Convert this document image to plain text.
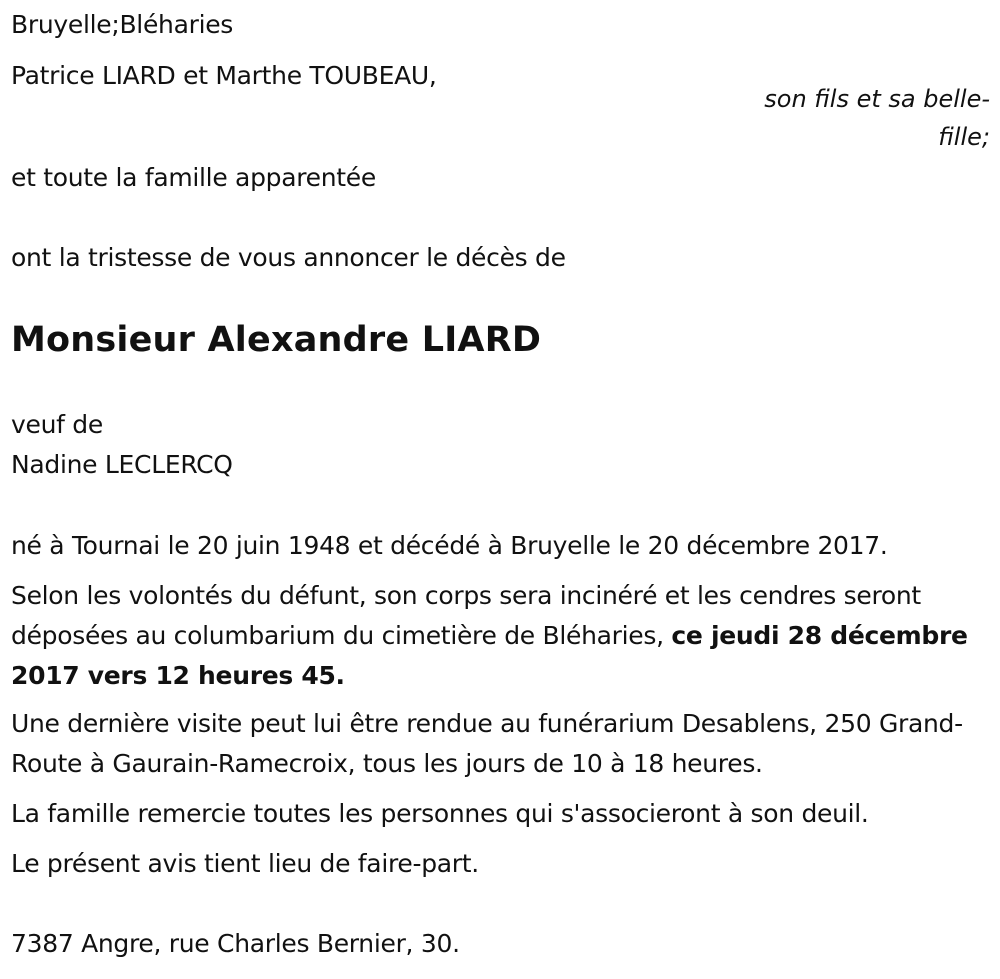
Bruyelle;Bléharies

Patrice LIARD et Marthe TOUBEAU,

son fils et sa belle-

fille;

et toute la famille apparentée

ont la tristesse de vous annoncer le décès de

Monsieur Alexandre LIARD

veuf de

Nadine LECLERCQ

né à Tournai le 20 juin 1948 et décédé à Bruyelle le 20 décembre 2017.

Selon les volontés du défunt, son corps sera incinéré et les cendres seront déposées au columbarium du cimetière de Bléharies, ce jeudi 28 décembre 2017 vers 12 heures 45.

Une dernière visite peut lui être rendue au funérarium Desablens, 250 Grand-Route à Gaurain-Ramecroix, tous les jours de 10 à 18 heures.

La famille remercie toutes les personnes qui s'associeront à son deuil.

Le présent avis tient lieu de faire-part.

7387 Angre, rue Charles Bernier, 30.
